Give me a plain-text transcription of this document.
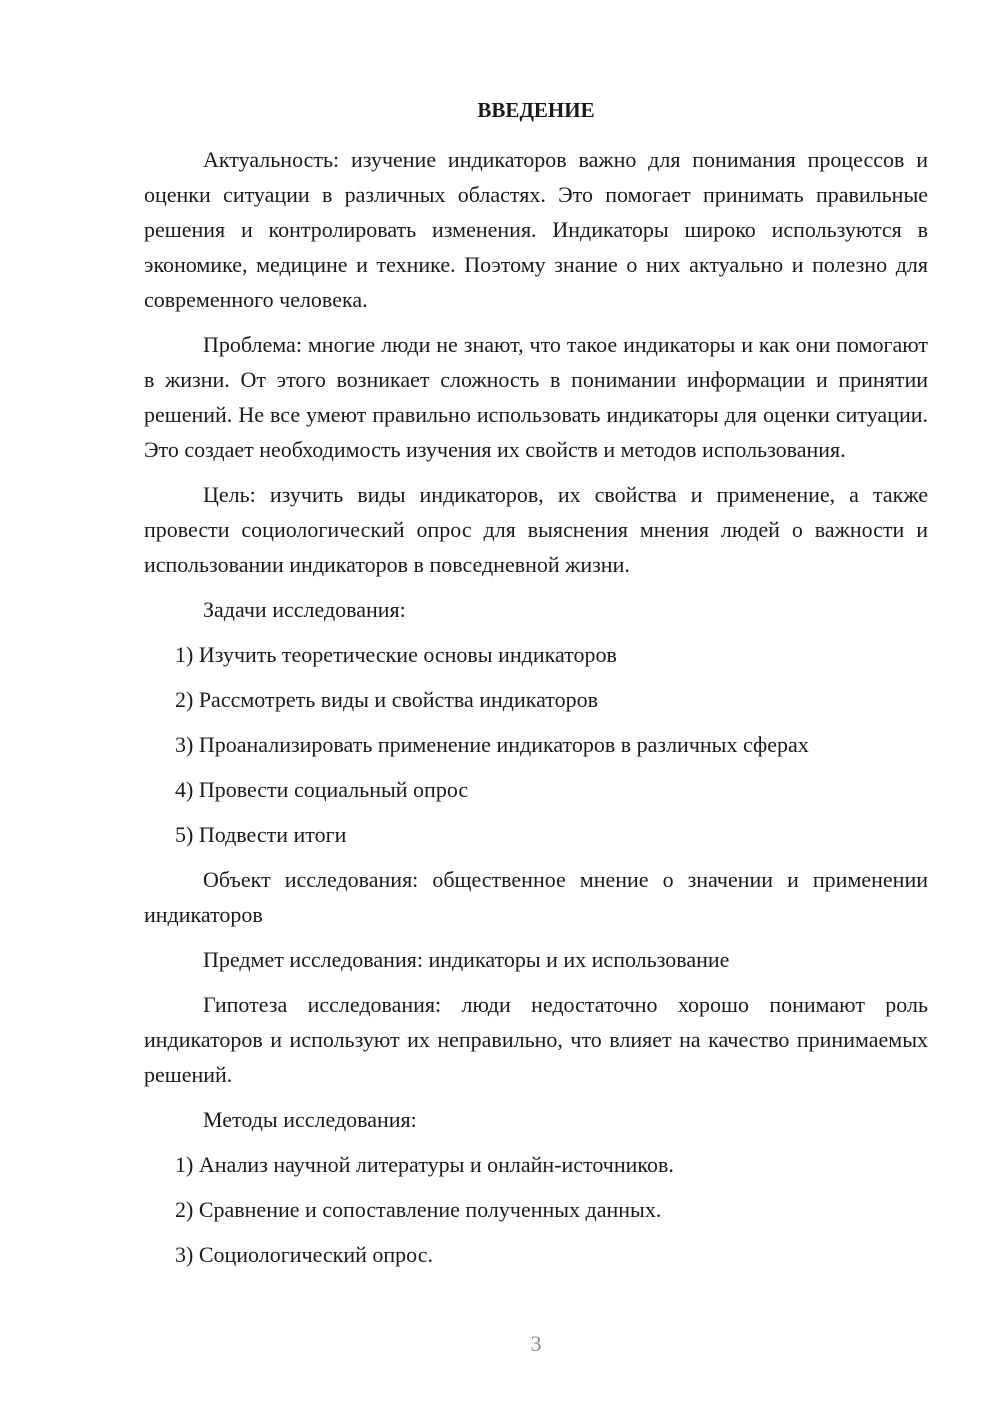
ВВЕДЕНИЕ

Актуальность: изучение индикаторов важно для понимания процессов и оценки ситуации в различных областях. Это помогает принимать правильные решения и контролировать изменения. Индикаторы широко используются в экономике, медицине и технике. Поэтому знание о них актуально и полезно для современного человека.

Проблема: многие люди не знают, что такое индикаторы и как они помогают в жизни. От этого возникает сложность в понимании информации и принятии решений. Не все умеют правильно использовать индикаторы для оценки ситуации. Это создает необходимость изучения их свойств и методов использования.

Цель: изучить виды индикаторов, их свойства и применение, а также провести социологический опрос для выяснения мнения людей о важности и использовании индикаторов в повседневной жизни.

Задачи исследования:

1) Изучить теоретические основы индикаторов

2) Рассмотреть виды и свойства индикаторов

3) Проанализировать применение индикаторов в различных сферах

4) Провести социальный опрос

5) Подвести итоги

Объект исследования: общественное мнение о значении и применении индикаторов

Предмет исследования: индикаторы и их использование

Гипотеза исследования: люди недостаточно хорошо понимают роль индикаторов и используют их неправильно, что влияет на качество принимаемых решений.

Методы исследования:

1) Анализ научной литературы и онлайн-источников.

2) Сравнение и сопоставление полученных данных.

3) Социологический опрос.

3
